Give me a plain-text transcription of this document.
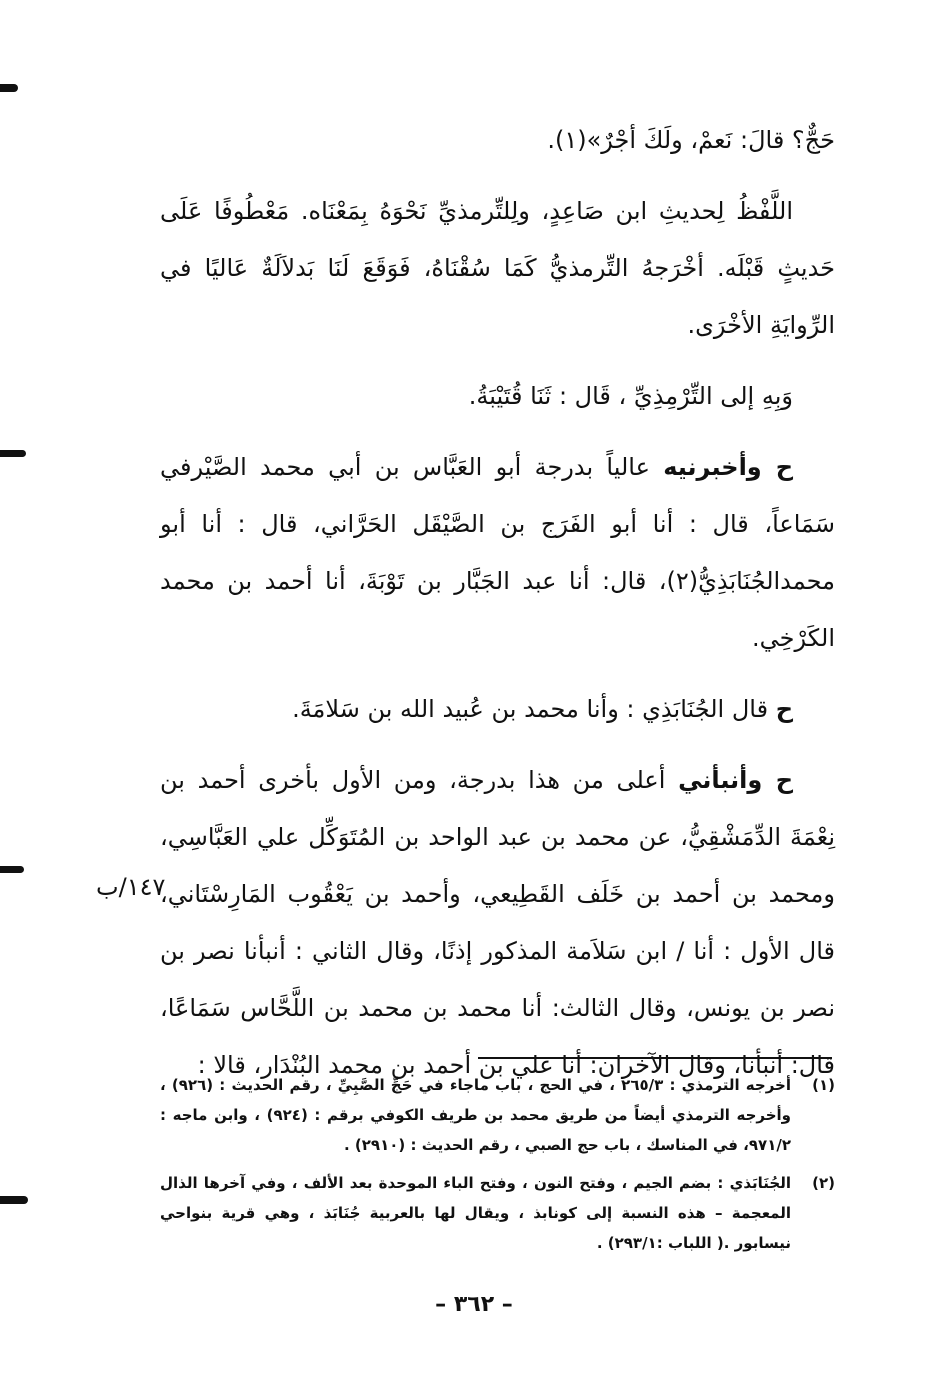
حَجٌّ؟ قالَ: نَعمْ، ولَكَ أجْرٌ»(١).

اللَّفْظُ لِحديثِ ابن صَاعِدٍ، ولِلتِّرمذيِّ نَحْوَهُ بِمَعْنَاه. مَعْطُوفًا عَلَى حَديثٍ قَبْلَه. أخْرَجهُ التِّرمذيُّ كَمَا سُقْنَاهُ، فَوَقَعَ لَنَا بَدلاَلَةٌ عَاليًا في الرِّوايَةِ الأخْرَى.

وَبِهِ إلى التِّرْمِذِيِّ ، قَال : ثَنَا قُتَيْبَةُ.

ح وأخبرنيه عالياً بدرجة أبو العَبَّاس بن أبي محمد الصَّيْرفي سَمَاعاً، قال : أنا أبو الفَرَج بن الصَّيْقَل الحَرَّاني، قال : أنا أبو محمدالجُنَابَذِيُّ(٢)، قال: أنا عبد الجَبَّار بن تَوْبَةَ، أنا أحمد بن محمد الكَرْخِي.

ح قال الجُنَابَذِي : وأنا محمد بن عُبيد الله بن سَلامَةَ.

ح وأنبأني أعلى من هذا بدرجة، ومن الأول بأخرى أحمد بن نِعْمَةَ الدِّمَشْقِيُّ، عن محمد بن عبد الواحد بن المُتَوَكِّل علي العَبَّاسِي، ومحمد بن أحمد بن خَلَف القَطِيعي، وأحمد بن يَعْقُوب المَارِسْتَاني، قال الأول : أنا / ابن سَلاَمة المذكور إذنًا، وقال الثاني : أنبأنا نصر بن نصر بن يونس، وقال الثالث: أنا محمد بن محمد بن اللَّحَّاس سَمَاعًا، قال: أنبأنا، وقال الآخران: أنا علي بن أحمد بن محمد البُنْدَار، قالا :

١٤٧/ب
(١)
أخرجه الترمذي : ٢٦٥/٣ ، في الحج ، باب ماجاء في حَجِّ الصَّبِيِّ ، رقم الحديث : (٩٢٦) ، وأخرجه الترمذي أيضاً من طريق محمد بن طريف الكوفي برقم : (٩٢٤) ، وابن ماجه : ٩٧١/٢، في المناسك ، باب حج الصبي ، رقم الحديث : (٢٩١٠) .
(٢)
الجُنَابَذي : بضم الجيم ، وفتح النون ، وفتح الباء الموحدة بعد الألف ، وفي آخرها الذال المعجمة – هذه النسبة إلى كونابذ ، ويقال لها بالعربية جُنَابَذ ، وهي قرية بنواحي نيسابور .( اللباب :٢٩٣/١) .
– ٣٦٢ –
